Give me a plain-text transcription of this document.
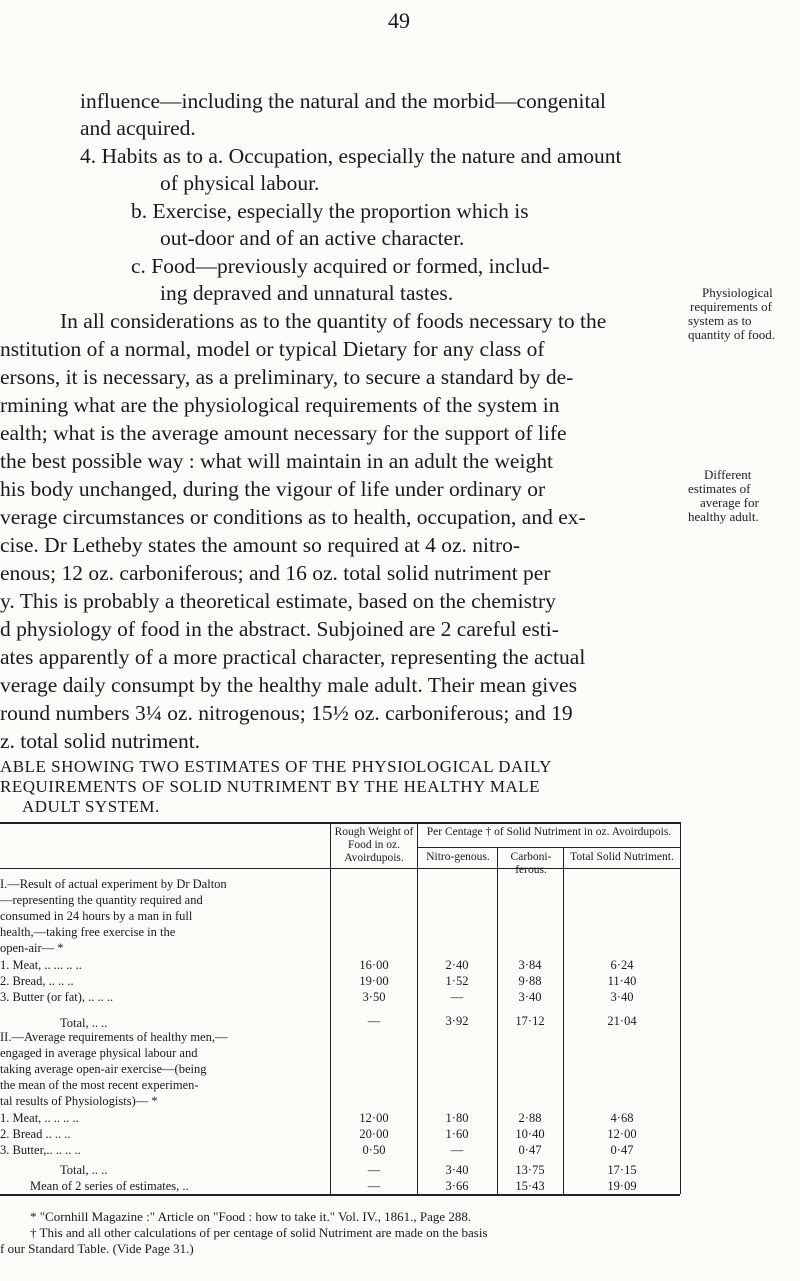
49
influence—including the natural and the morbid—congenital
and acquired.
4. Habits as to a. Occupation, especially the nature and amount
of physical labour.
b. Exercise, especially the proportion which is
out-door and of an active character.
c. Food—previously acquired or formed, includ-
ing depraved and unnatural tastes.	Physiological
requirements of
system as to
quantity of food.
Different
estimates of
average for
healthy adult.
In all considerations as to the quantity of foods necessary to the
nstitution of a normal, model or typical Dietary for any class of
ersons, it is necessary, as a preliminary, to secure a standard by de-
rmining what are the physiological requirements of the system in
ealth; what is the average amount necessary for the support of life
the best possible way : what will maintain in an adult the weight
his body unchanged, during the vigour of life under ordinary or
verage circumstances or conditions as to health, occupation, and ex-
cise. Dr Letheby states the amount so required at 4 oz. nitro-
enous; 12 oz. carboniferous; and 16 oz. total solid nutriment per
y. This is probably a theoretical estimate, based on the chemistry
d physiology of food in the abstract. Subjoined are 2 careful esti-
ates apparently of a more practical character, representing the actual
verage daily consumpt by the healthy male adult. Their mean gives
round numbers 3¼ oz. nitrogenous; 15½ oz. carboniferous; and 19
z. total solid nutriment.
ABLE SHOWING TWO ESTIMATES OF THE PHYSIOLOGICAL DAILY
REQUIREMENTS OF SOLID NUTRIMENT BY THE HEALTHY MALE
ADULT SYSTEM.
Rough Weight of Food in oz. Avoirdupois.
Per Centage † of Solid Nutriment in oz. Avoirdupois.
Nitro-genous.	Carboni-ferous.
Total Solid Nutriment.
I.—Result of actual experiment by Dr Dalton
—representing the quantity required and
consumed in 24 hours by a man in full
health,—taking free exercise in the
open-air— *
1. Meat, .. ... .. ..	16·00	2·40	3·84	6·24
2. Bread, .. .. ..	19·00	1·52	9·88	11·40
3. Butter (or fat), .. .. ..	3·50	—	3·40	3·40
Total, .. ..	—	3·92	17·12	21·04
II.—Average requirements of healthy men,—
engaged in average physical labour and
taking average open-air exercise—(being
the mean of the most recent experimen-
tal results of Physiologists)— *
1. Meat, .. .. .. ..	12·00	1·80	2·88	4·68
2. Bread .. .. ..	20·00	1·60	10·40	12·00
3. Butter,.. .. .. ..	0·50	—	0·47	0·47
Total, .. ..	—	3·40	13·75	17·15
Mean of 2 series of estimates, ..	—	3·66	15·43	19·09
* "Cornhill Magazine :" Article on "Food : how to take it." Vol. IV., 1861., Page 288.
† This and all other calculations of per centage of solid Nutriment are made on the basis
f our Standard Table. (Vide Page 31.)
